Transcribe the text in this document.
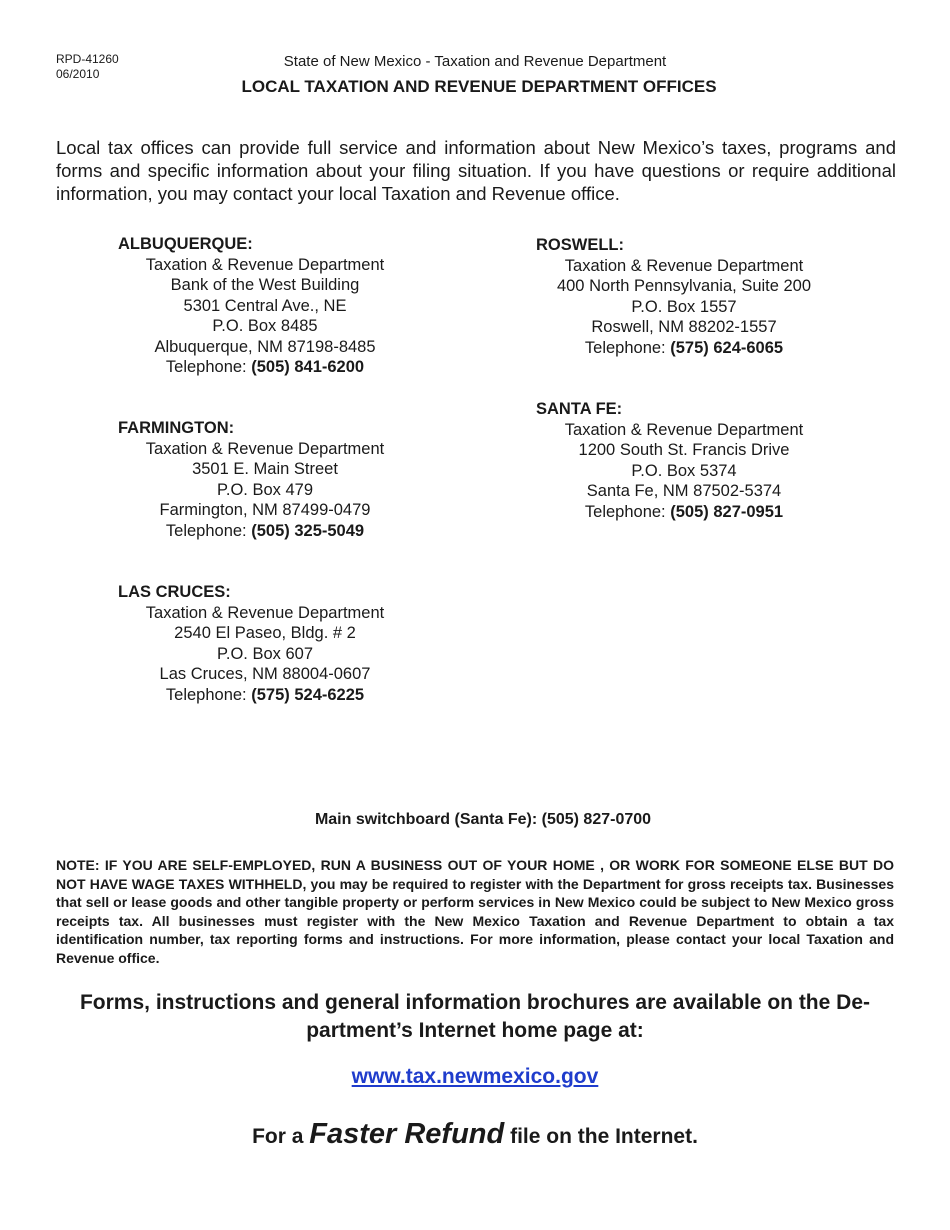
RPD-41260
06/2010
State of New Mexico - Taxation and Revenue Department
LOCAL TAXATION AND REVENUE DEPARTMENT OFFICES
Local tax offices can provide full service and information about New Mexico’s taxes, programs and forms and specific information about your filing situation. If you have questions or require additional information, you may contact your local Taxation and Revenue office.
ALBUQUERQUE:
Taxation & Revenue Department
Bank of the West Building
5301 Central Ave., NE
P.O. Box 8485
Albuquerque, NM 87198-8485
Telephone: (505) 841-6200
FARMINGTON:
Taxation & Revenue Department
3501 E. Main Street
P.O. Box 479
Farmington, NM 87499-0479
Telephone: (505) 325-5049
LAS CRUCES:
Taxation & Revenue Department
2540 El Paseo, Bldg. # 2
P.O. Box 607
Las Cruces, NM 88004-0607
Telephone: (575) 524-6225
ROSWELL:
Taxation & Revenue Department
400 North Pennsylvania, Suite 200
P.O. Box 1557
Roswell, NM 88202-1557
Telephone: (575) 624-6065
SANTA FE:
Taxation & Revenue Department
1200 South St. Francis Drive
P.O. Box 5374
Santa Fe, NM 87502-5374
Telephone: (505) 827-0951
Main switchboard (Santa Fe): (505) 827-0700
NOTE: IF YOU ARE SELF-EMPLOYED, RUN A BUSINESS OUT OF YOUR HOME , OR WORK FOR SOMEONE ELSE BUT DO NOT HAVE WAGE TAXES WITHHELD, you may be required to register with the Department for gross receipts tax. Businesses that sell or lease goods and other tangible property or perform services in New Mexico could be subject to New Mexico gross receipts tax. All businesses must register with the New Mexico Taxation and Revenue Department to obtain a tax identification number, tax reporting forms and instructions. For more information, please contact your local Taxation and Revenue office.
Forms, instructions and general information brochures are available on the Department’s Internet home page at:
www.tax.newmexico.gov
For a Faster Refund file on the Internet.
